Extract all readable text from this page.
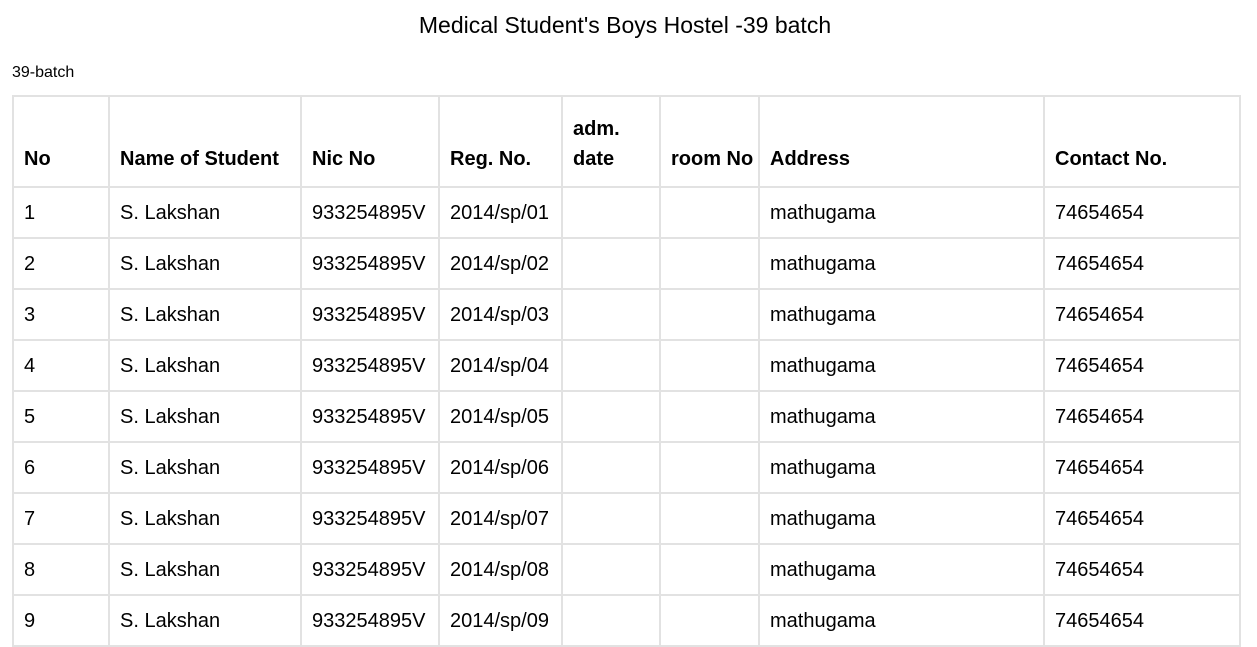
Medical Student's Boys Hostel -39 batch
39-batch
No	Name of Student	Nic No	Reg. No.	adm. date	room No	Address	Contact No.
1	S. Lakshan	933254895V	2014/sp/01			mathugama	74654654
2	S. Lakshan	933254895V	2014/sp/02			mathugama	74654654
3	S. Lakshan	933254895V	2014/sp/03			mathugama	74654654
4	S. Lakshan	933254895V	2014/sp/04			mathugama	74654654
5	S. Lakshan	933254895V	2014/sp/05			mathugama	74654654
6	S. Lakshan	933254895V	2014/sp/06			mathugama	74654654
7	S. Lakshan	933254895V	2014/sp/07			mathugama	74654654
8	S. Lakshan	933254895V	2014/sp/08			mathugama	74654654
9	S. Lakshan	933254895V	2014/sp/09			mathugama	74654654
